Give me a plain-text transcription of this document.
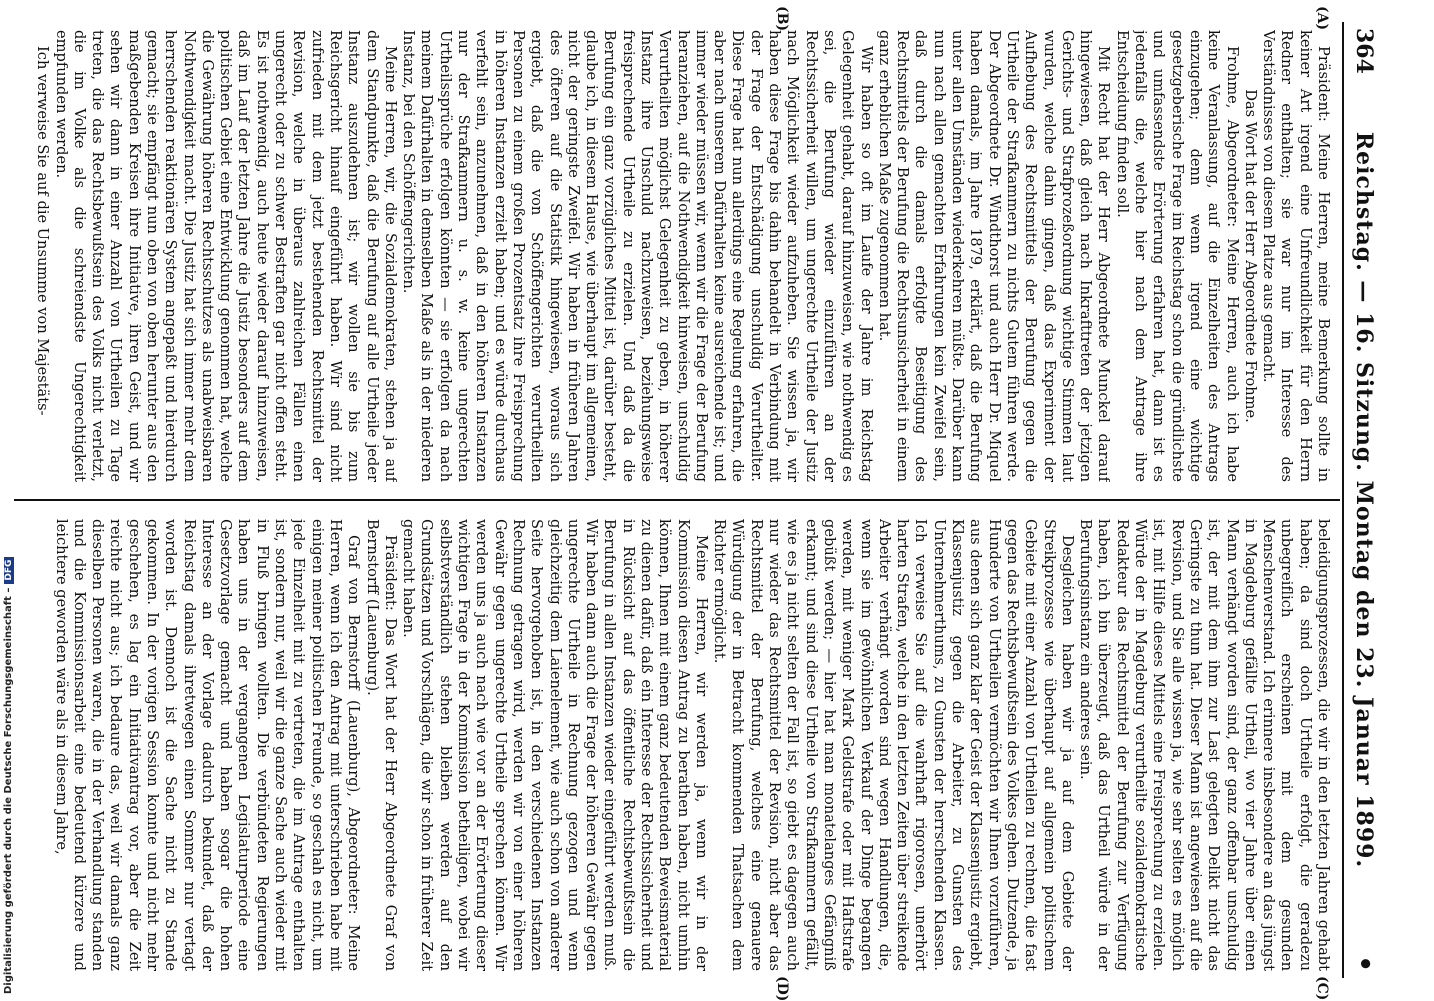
364
Reichstag. — 16. Sitzung. Montag den 23. Januar 1899.
•
(A)
(B)
(C)
(D)

Präsident: Meine Herren, meine Bemerkung sollte in keiner Art irgend eine Unfreundlichkeit für den Herrn Redner enthalten; sie war nur im Interesse des Verständnisses von diesem Platze aus gemacht.

Das Wort hat der Herr Abgeordnete Frohme.

Frohme, Abgeordneter: Meine Herren, auch ich habe keine Veranlassung, auf die Einzelheiten des Antrags einzugehen; denn wenn irgend eine wichtige gesetzgeberische Frage im Reichstag schon die gründlichste und umfassendste Erörterung erfahren hat, dann ist es jedenfalls die, welche hier nach dem Antrage ihre Entscheidung finden soll.

Mit Recht hat der Herr Abgeordnete Munckel darauf hingewiesen, daß gleich nach Inkrafttreten der jetzigen Gerichts- und Strafprozeßordnung wichtige Stimmen laut wurden, welche dahin gingen, daß das Experiment der Aufhebung des Rechtsmittels der Berufung gegen die Urtheile der Strafkammern zu nichts Gutem führen werde. Der Abgeordnete Dr. Windthorst und auch Herr Dr. Miquel haben damals, im Jahre 1879, erklärt, daß die Berufung unter allen Umständen wiederkehren müßte. Darüber kann nun nach allen gemachten Erfahrungen kein Zweifel sein, daß durch die damals erfolgte Beseitigung des Rechtsmittels der Berufung die Rechtsunsicherheit in einem ganz erheblichen Maße zugenommen hat.

Wir haben so oft im Laufe der Jahre im Reichstag Gelegenheit gehabt, darauf hinzuweisen, wie nothwendig es sei, die Berufung wieder einzuführen an der Rechtssicherheit willen, um ungerechte Urtheile der Justiz nach Möglichkeit wieder aufzuheben. Sie wissen ja, wir haben diese Frage bis dahin behandelt in Verbindung mit der Frage der Entschädigung unschuldig Verurtheilter. Diese Frage hat nun allerdings eine Regelung erfahren, die aber nach unserem Dafürhalten keine ausreichende ist; und immer wieder müssen wir, wenn wir die Frage der Berufung heranziehen, auf die Nothwendigkeit hinweisen, unschuldig Verurtheilten möglichst Gelegenheit zu geben, in höherer Instanz ihre Unschuld nachzuweisen, beziehungsweise freisprechende Urtheile zu erzielen. Und daß da die Berufung ein ganz vorzügliches Mittel ist, darüber besteht, glaube ich, in diesem Hause, wie überhaupt im allgemeinen, nicht der geringste Zweifel. Wir haben in früheren Jahren des öfteren auf die Statistik hingewiesen, woraus sich ergiebt, daß die von Schöffengerichten verurtheilten Personen zu einem großen Prozentsatz ihre Freisprechung in höheren Instanzen erzielt haben; und es würde durchaus verfehlt sein, anzunehmen, daß in den höheren Instanzen nur der Strafkammern u. s. w. keine ungerechten Urtheilssprüche erfolgen könnten — sie erfolgen da nach meinem Dafürhalten in demselben Maße als in der niederen Instanz, bei den Schöffengerichten.

Meine Herren, wir, die Sozialdemokraten, stehen ja auf dem Standpunkte, daß die Berufung auf alle Urtheile jeder Instanz auszudehnen ist; wir wollen sie bis zum Reichsgericht hinauf eingeführt haben. Wir sind nicht zufrieden mit dem jetzt bestehenden Rechtsmittel der Revision, welche in überaus zahlreichen Fällen einen ungerecht oder zu schwer Bestraften gar nicht offen steht. Es ist nothwendig, auch heute wieder darauf hinzuweisen, daß im Lauf der letzten Jahre die Justiz besonders auf dem politischen Gebiet eine Entwicklung genommen hat, welche die Gewährung höheren Rechtsschutzes als unabweisbaren Nothwendigkeit macht. Die Justiz hat sich immer mehr dem herrschenden reaktionären System angepaßt und hierdurch gemacht; sie empfängt nun oben von oben herunter aus den maßgebenden Kreisen ihre Initiative, ihren Geist, und wir sehen wir dann in einer Anzahl von Urtheilen zu Tage treten, die das Rechtsbewußtsein des Volks nicht verletzt, die im Volke als die schreiendste Ungerechtigkeit empfunden werden.

Ich verweise Sie auf die Unsumme von Majestäts-

beleidigungsprozessen, die wir in den letzten Jahren gehabt haben; da sind doch Urtheile erfolgt, die geradezu unbegreiflich erscheinen mit dem gesunden Menschenverstand. Ich erinnere insbesondere an das jüngst in Magdeburg gefällte Urtheil, wo vier Jahre über einen Mann verhängt worden sind, der ganz offenbar unschuldig ist, der mit dem ihm zur Last gelegten Delikt nicht das Geringste zu thun hat. Dieser Mann ist angewiesen auf die Revision, und Sie alle wissen ja, wie sehr selten es möglich ist, mit Hilfe dieses Mittels eine Freisprechung zu erzielen. Würde der in Magdeburg verurtheilte sozialdemokratische Redakteur das Rechtsmittel der Berufung zur Verfügung haben, ich bin überzeugt, daß das Urtheil würde in der Berufungsinstanz ein anderes sein.

Desgleichen haben wir ja auf dem Gebiete der Streikprozesse wie überhaupt auf allgemein politischem Gebiete mit einer Anzahl von Urtheilen zu rechnen, die fast gegen das Rechtsbewußtsein des Volkes gehen. Dutzende, ja Hunderte von Urtheilen vermöchten wir Ihnen vorzuführen, aus denen sich ganz klar der Geist der Klassenjustiz ergiebt, Klassenjustiz gegen die Arbeiter, zu Gunsten des Unternehmerthums, zu Gunsten der herrschenden Klassen. Ich verweise Sie auf die wahrhaft rigorosen, unerhört harten Strafen, welche in den letzten Zeiten über streikende Arbeiter verhängt worden sind wegen Handlungen, die, wenn sie im gewöhnlichen Verkauf der Dinge begangen werden, mit weniger Mark Geldstrafe oder mit Haftstrafe gebüßt werden; — hier hat man monatelanges Gefängniß erkannt; und sind diese Urtheile von Strafkammern gefällt, wie es ja nicht selten der Fall ist, so giebt es dagegen auch nur wieder das Rechtsmittel der Revision, nicht aber das Rechtsmittel der Berufung, welches eine genauere Würdigung der in Betracht kommenden Thatsachen dem Richter ermöglicht.

Meine Herren, wir werden ja, wenn wir in der Kommission diesen Antrag zu berathen haben, nicht umhin können, Ihnen mit einem ganz bedeutenden Beweismaterial zu dienen dafür, daß ein Interesse der Rechtssicherheit und in Rücksicht auf das öffentliche Rechtsbewußtsein die Berufung in allen Instanzen wieder eingeführt werden muß. Wir haben dann auch die Frage der höheren Gewähr gegen ungerechte Urtheile in Rechnung gezogen und wenn gleichzeitig dem Laienelement, wie auch schon von anderer Seite hervorgehoben ist, in den verschiedenen Instanzen Rechnung getragen wird, werden wir von einer höheren Gewähr gegen ungerechte Urtheile sprechen können. Wir werden uns ja auch nach wie vor an der Erörterung dieser wichtigen Frage in der Kommission betheiligen, wobei wir selbstverständlich stehen bleiben werden auf den Grundsätzen und Vorschlägen, die wir schon in früherer Zeit gemacht haben.

Präsident: Das Wort hat der Herr Abgeordnete Graf von Bernstorff (Lauenburg).

Graf von Bernstorff (Lauenburg), Abgeordneter: Meine Herren, wenn ich den Antrag mit unterschrieben habe mit einigen meiner politischen Freunde, so geschah es nicht, um jede Einzelheit mit zu vertreten, die im Antrage enthalten ist, sondern nur, weil wir die ganze Sache auch wieder mit in Fluß bringen wollten. Die verbündeten Regierungen haben uns in der vergangenen Legislaturperiode eine Gesetzvorlage gemacht und haben sogar die hohen Interesse an der Vorlage dadurch bekundet, daß der Reichstag damals ihretwegen einen Sommer nur vertagt worden ist. Dennoch ist die Sache nicht zu Stande gekommen. In der vorigen Session konnte und nicht mehr geschehen, es lag ein Initiativantrag vor, aber die Zeit reichte nicht aus; ich bedaure das, weil wir damals ganz dieselben Personen waren, die in der Verhandlung standen und die Kommissionsarbeit eine bedeutend kürzere und leichtere geworden wäre als in diesem Jahre,

Digitalisierung gefördert durch die Deutsche Forschungsgemeinschaft –DFG
